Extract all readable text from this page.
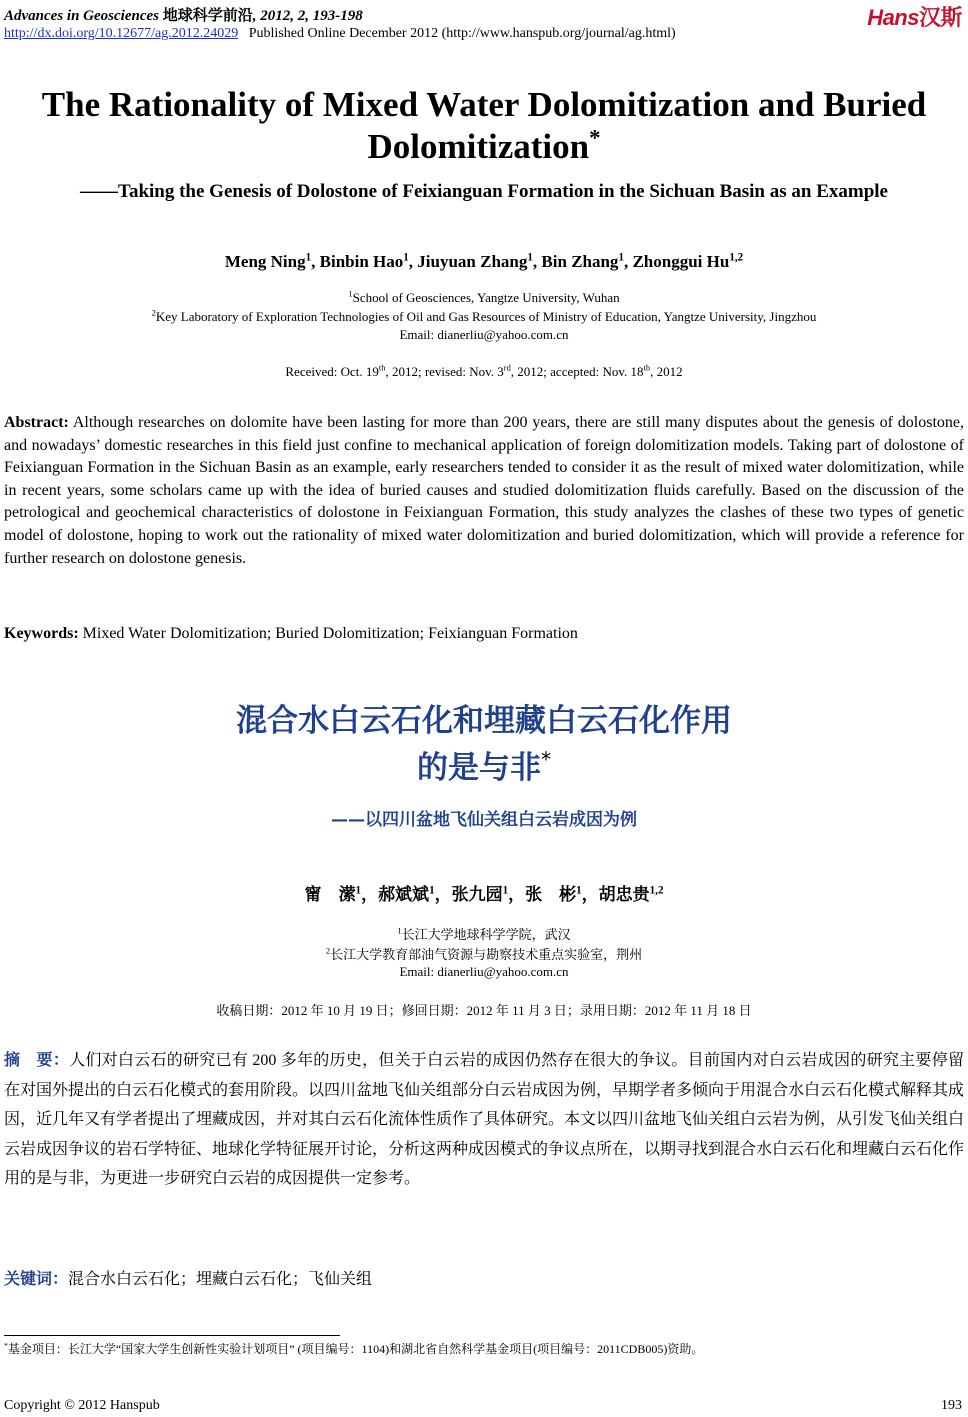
Advances in Geosciences 地球科学前沿, 2012, 2, 193-198
http://dx.doi.org/10.12677/ag.2012.24029 Published Online December 2012 (http://www.hanspub.org/journal/ag.html)
Hans汉斯
The Rationality of Mixed Water Dolomitization and Buried
Dolomitization*
——Taking the Genesis of Dolostone of Feixianguan Formation in the Sichuan Basin as an Example
Meng Ning$^1$, Binbin Hao$^1$, Jiuyuan Zhang$^1$, Bin Zhang$^1$, Zhonggui Hu$^{1,2}$
$^1$School of Geosciences, Yangtze University, Wuhan
$^2$Key Laboratory of Exploration Technologies of Oil and Gas Resources of Ministry of Education, Yangtze University, Jingzhou
Email: dianerliu@yahoo.com.cn
Received: Oct. 19th, 2012; revised: Nov. 3rd, 2012; accepted: Nov. 18th, 2012
Abstract: Although researches on dolomite have been lasting for more than 200 years, there are still many disputes about the genesis of dolostone, and nowadays’ domestic researches in this field just confine to mechanical application of foreign dolomitization models. Taking part of dolostone of Feixianguan Formation in the Sichuan Basin as an example, early researchers tended to consider it as the result of mixed water dolomitization, while in recent years, some scholars came up with the idea of buried causes and studied dolomitization fluids carefully. Based on the discussion of the petrological and geochemical characteristics of dolostone in Feixianguan Formation, this study analyzes the clashes of these two types of genetic model of dolostone, hoping to work out the rationality of mixed water dolomitization and buried dolomitization, which will provide a reference for further research on dolostone genesis.
Keywords: Mixed Water Dolomitization; Buried Dolomitization; Feixianguan Formation
混合水白云石化和埋藏白云石化作用
的是与非*
——以四川盆地飞仙关组白云岩成因为例
甯　潆$^1$，郝斌斌$^1$，张九园$^1$，张　彬$^1$，胡忠贵$^{1,2}$
$^1$长江大学地球科学学院，武汉
$^2$长江大学教育部油气资源与勘察技术重点实验室，荆州
Email: dianerliu@yahoo.com.cn
收稿日期：2012 年 10 月 19 日；修回日期：2012 年 11 月 3 日；录用日期：2012 年 11 月 18 日
摘　要：人们对白云石的研究已有 200 多年的历史，但关于白云岩的成因仍然存在很大的争议。目前国内对白云岩成因的研究主要停留在对国外提出的白云石化模式的套用阶段。以四川盆地飞仙关组部分白云岩成因为例，早期学者多倾向于用混合水白云石化模式解释其成因，近几年又有学者提出了埋藏成因，并对其白云石化流体性质作了具体研究。本文以四川盆地飞仙关组白云岩为例，从引发飞仙关组白云岩成因争议的岩石学特征、地球化学特征展开讨论，分析这两种成因模式的争议点所在，以期寻找到混合水白云石化和埋藏白云石化作用的是与非，为更进一步研究白云岩的成因提供一定参考。
关键词：混合水白云石化；埋藏白云石化；飞仙关组
*基金项目：长江大学“国家大学生创新性实验计划项目” (项目编号：1104)和湖北省自然科学基金项目(项目编号：2011CDB005)资助。
Copyright © 2012 Hanspub	193
